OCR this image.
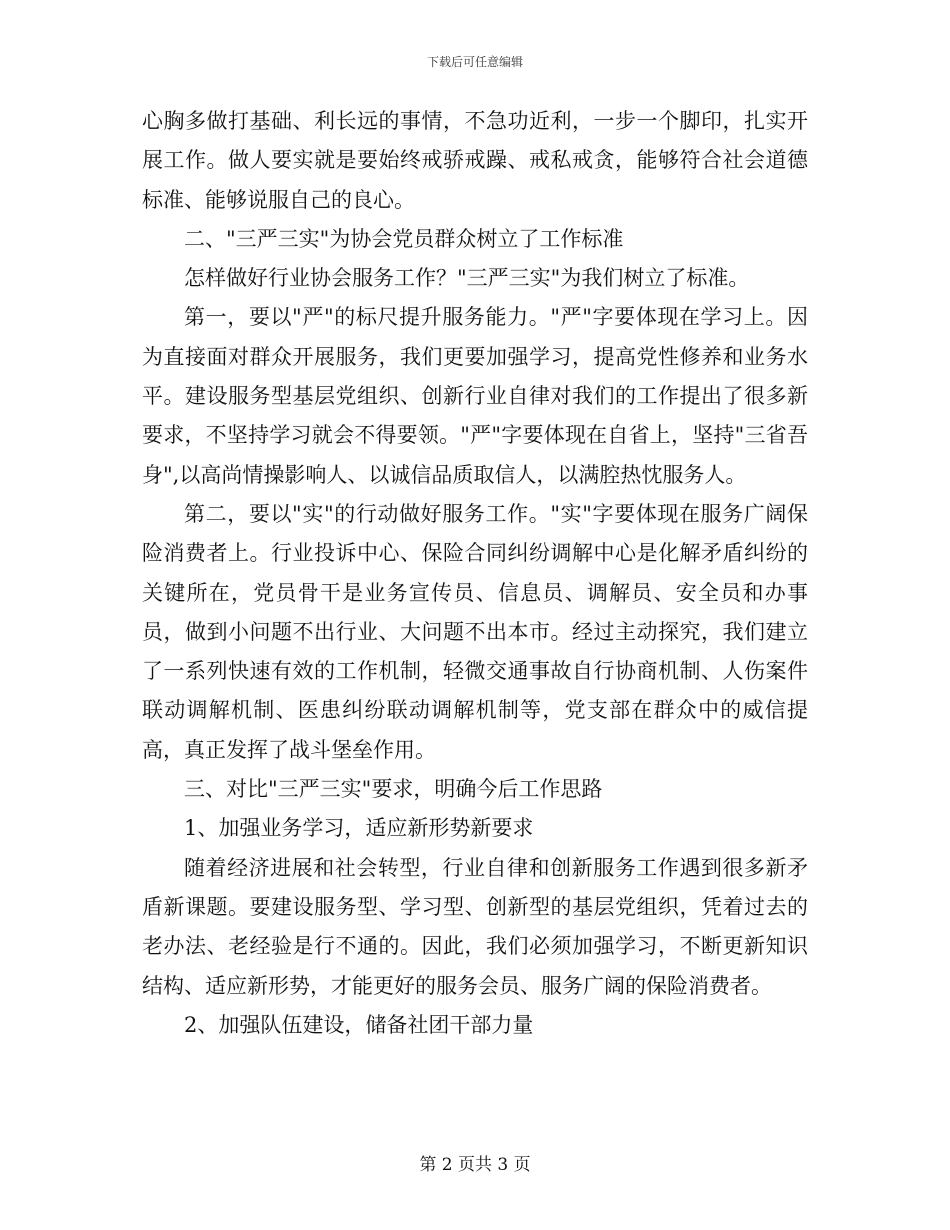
下载后可任意编辑

心胸多做打基础、利长远的事情，不急功近利，一步一个脚印，扎实开展工作。做人要实就是要始终戒骄戒躁、戒私戒贪，能够符合社会道德标准、能够说服自己的良心。

二、"三严三实"为协会党员群众树立了工作标准

怎样做好行业协会服务工作？"三严三实"为我们树立了标准。

第一，要以"严"的标尺提升服务能力。"严"字要体现在学习上。因为直接面对群众开展服务，我们更要加强学习，提高党性修养和业务水平。建设服务型基层党组织、创新行业自律对我们的工作提出了很多新要求，不坚持学习就会不得要领。"严"字要体现在自省上，坚持"三省吾身",以高尚情操影响人、以诚信品质取信人，以满腔热忱服务人。

第二，要以"实"的行动做好服务工作。"实"字要体现在服务广阔保险消费者上。行业投诉中心、保险合同纠纷调解中心是化解矛盾纠纷的关键所在，党员骨干是业务宣传员、信息员、调解员、安全员和办事员，做到小问题不出行业、大问题不出本市。经过主动探究，我们建立了一系列快速有效的工作机制，轻微交通事故自行协商机制、人伤案件联动调解机制、医患纠纷联动调解机制等，党支部在群众中的威信提高，真正发挥了战斗堡垒作用。

三、对比"三严三实"要求，明确今后工作思路

1、加强业务学习，适应新形势新要求

随着经济进展和社会转型，行业自律和创新服务工作遇到很多新矛盾新课题。要建设服务型、学习型、创新型的基层党组织，凭着过去的老办法、老经验是行不通的。因此，我们必须加强学习，不断更新知识结构、适应新形势，才能更好的服务会员、服务广阔的保险消费者。

2、加强队伍建设，储备社团干部力量

第 2 页共 3 页
